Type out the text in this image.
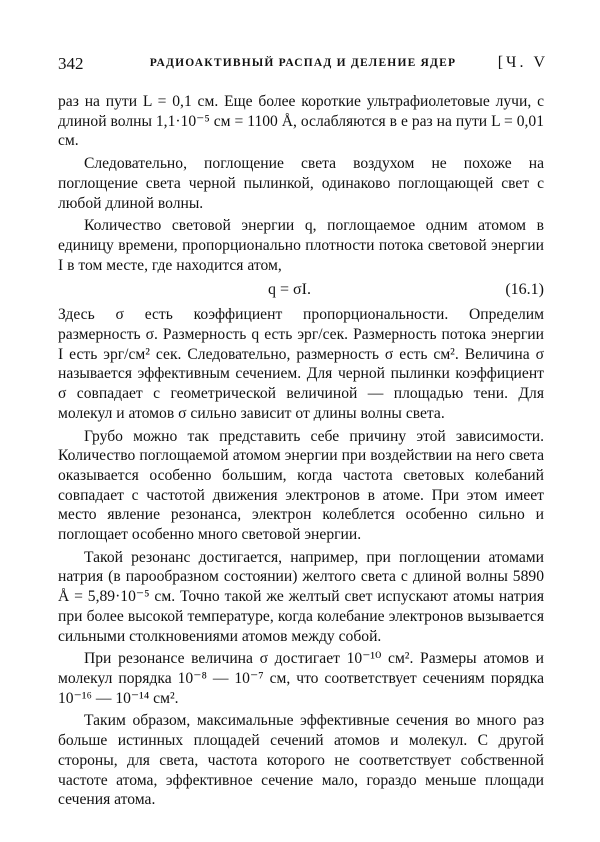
342	РАДИОАКТИВНЫЙ РАСПАД И ДЕЛЕНИЕ ЯДЕР	[Ч. V

раз на пути L = 0,1 см. Еще более короткие ультрафиолетовые лучи, с длиной волны 1,1·10⁻⁵ см = 1100 Å, ослабляются в e раз на пути L = 0,01 см.

Следовательно, поглощение света воздухом не похоже на поглощение света черной пылинкой, одинаково поглощающей свет с любой длиной волны.

Количество световой энергии q, поглощаемое одним атомом в единицу времени, пропорционально плотности потока световой энергии I в том месте, где находится атом,

q = σI.	(16.1)

Здесь σ есть коэффициент пропорциональности. Определим размерность σ. Размерность q есть эрг/сек. Размерность потока энергии I есть эрг/см² сек. Следовательно, размерность σ есть см². Величина σ называется эффективным сечением. Для черной пылинки коэффициент σ совпадает с геометрической величиной — площадью тени. Для молекул и атомов σ сильно зависит от длины волны света.

Грубо можно так представить себе причину этой зависимости. Количество поглощаемой атомом энергии при воздействии на него света оказывается особенно большим, когда частота световых колебаний совпадает с частотой движения электронов в атоме. При этом имеет место явление резонанса, электрон колеблется особенно сильно и поглощает особенно много световой энергии.

Такой резонанс достигается, например, при поглощении атомами натрия (в парообразном состоянии) желтого света с длиной волны 5890 Å = 5,89·10⁻⁵ см. Точно такой же желтый свет испускают атомы натрия при более высокой температуре, когда колебание электронов вызывается сильными столкновениями атомов между собой.

При резонансе величина σ достигает 10⁻¹⁰ см². Размеры атомов и молекул порядка 10⁻⁸ — 10⁻⁷ см, что соответствует сечениям порядка 10⁻¹⁶ — 10⁻¹⁴ см².

Таким образом, максимальные эффективные сечения во много раз больше истинных площадей сечений атомов и молекул. С другой стороны, для света, частота которого не соответствует собственной частоте атома, эффективное сечение мало, гораздо меньше площади сечения атома.
